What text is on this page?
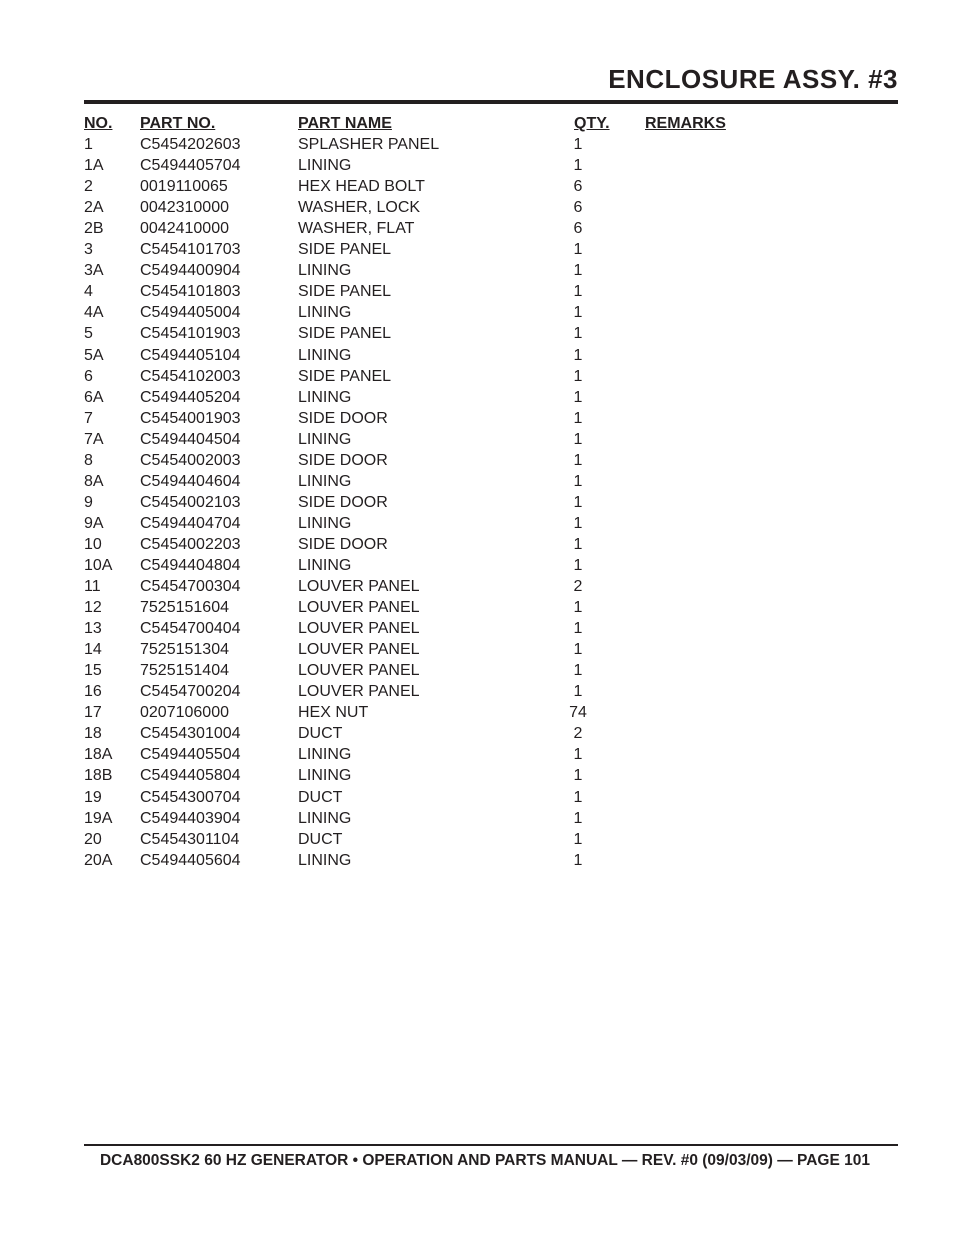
ENCLOSURE ASSY. #3
NO. PART NO.	PART NAME	QTY. REMARKS
1	C5454202603	SPLASHER PANEL	1
1A C5494405704	LINING	1
2	0019110065	HEX HEAD BOLT	6
2A 0042310000	WASHER, LOCK	6
2B 0042410000	WASHER, FLAT	6
3	C5454101703	SIDE PANEL	1
3A C5494400904	LINING	1
4	C5454101803	SIDE PANEL	1
4A C5494405004	LINING	1
5	C5454101903	SIDE PANEL	1
5A C5494405104	LINING	1
6	C5454102003	SIDE PANEL	1
6A C5494405204	LINING	1
7	C5454001903	SIDE DOOR	1
7A C5494404504	LINING	1
8	C5454002003	SIDE DOOR	1
8A C5494404604	LINING	1
9	C5454002103	SIDE DOOR	1
9A C5494404704	LINING	1
10 C5454002203	SIDE DOOR	1
10A C5494404804	LINING	1
11 C5454700304	LOUVER PANEL	2
12 7525151604	LOUVER PANEL	1
13 C5454700404	LOUVER PANEL	1
14 7525151304	LOUVER PANEL	1
15 7525151404	LOUVER PANEL	1
16 C5454700204	LOUVER PANEL	1
17 0207106000	HEX NUT	74
18 C5454301004	DUCT	2
18A C5494405504	LINING	1
18B C5494405804	LINING	1
19 C5454300704	DUCT	1
19A C5494403904	LINING	1
20 C5454301104	DUCT	1
20A C5494405604	LINING	1
DCA800SSK2 60 HZ GENERATOR • OPERATION AND PARTS MANUAL — REV. #0 (09/03/09) — PAGE 101
